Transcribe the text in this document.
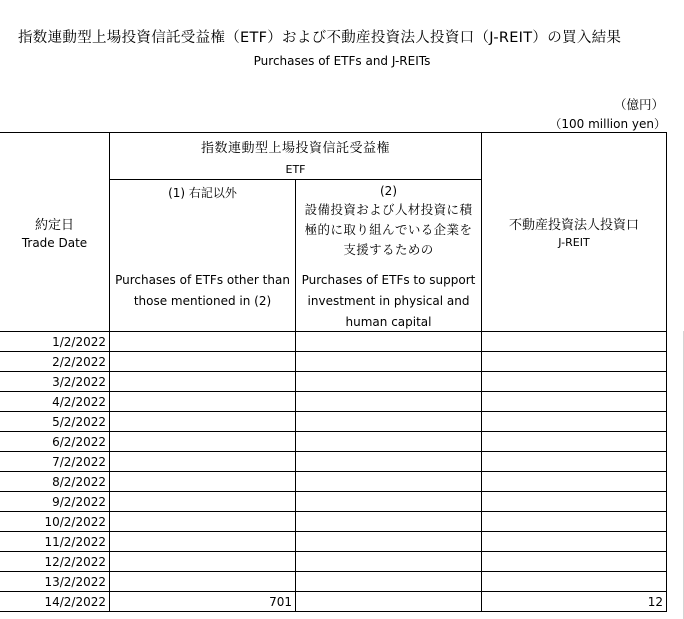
指数連動型上場投資信託受益権（ETF）および不動産投資法人投資口（J-REIT）の買入結果
Purchases of ETFs and J-REITs
（億円）
（100 million yen）
約定日
Trade Date
指数連動型上場投資信託受益権
ETF
(1) 右記以外
Purchases of ETFs other than those mentioned in (2)
(2)
設備投資および人材投資に積極的に取り組んでいる企業を支援するための
Purchases of ETFs to support investment in physical and human capital
不動産投資法人投資口
J-REIT
1/2/2022
2/2/2022
3/2/2022
4/2/2022
5/2/2022
6/2/2022
7/2/2022
8/2/2022
9/2/2022
10/2/2022
11/2/2022
12/2/2022
13/2/2022
14/2/2022	701	12
